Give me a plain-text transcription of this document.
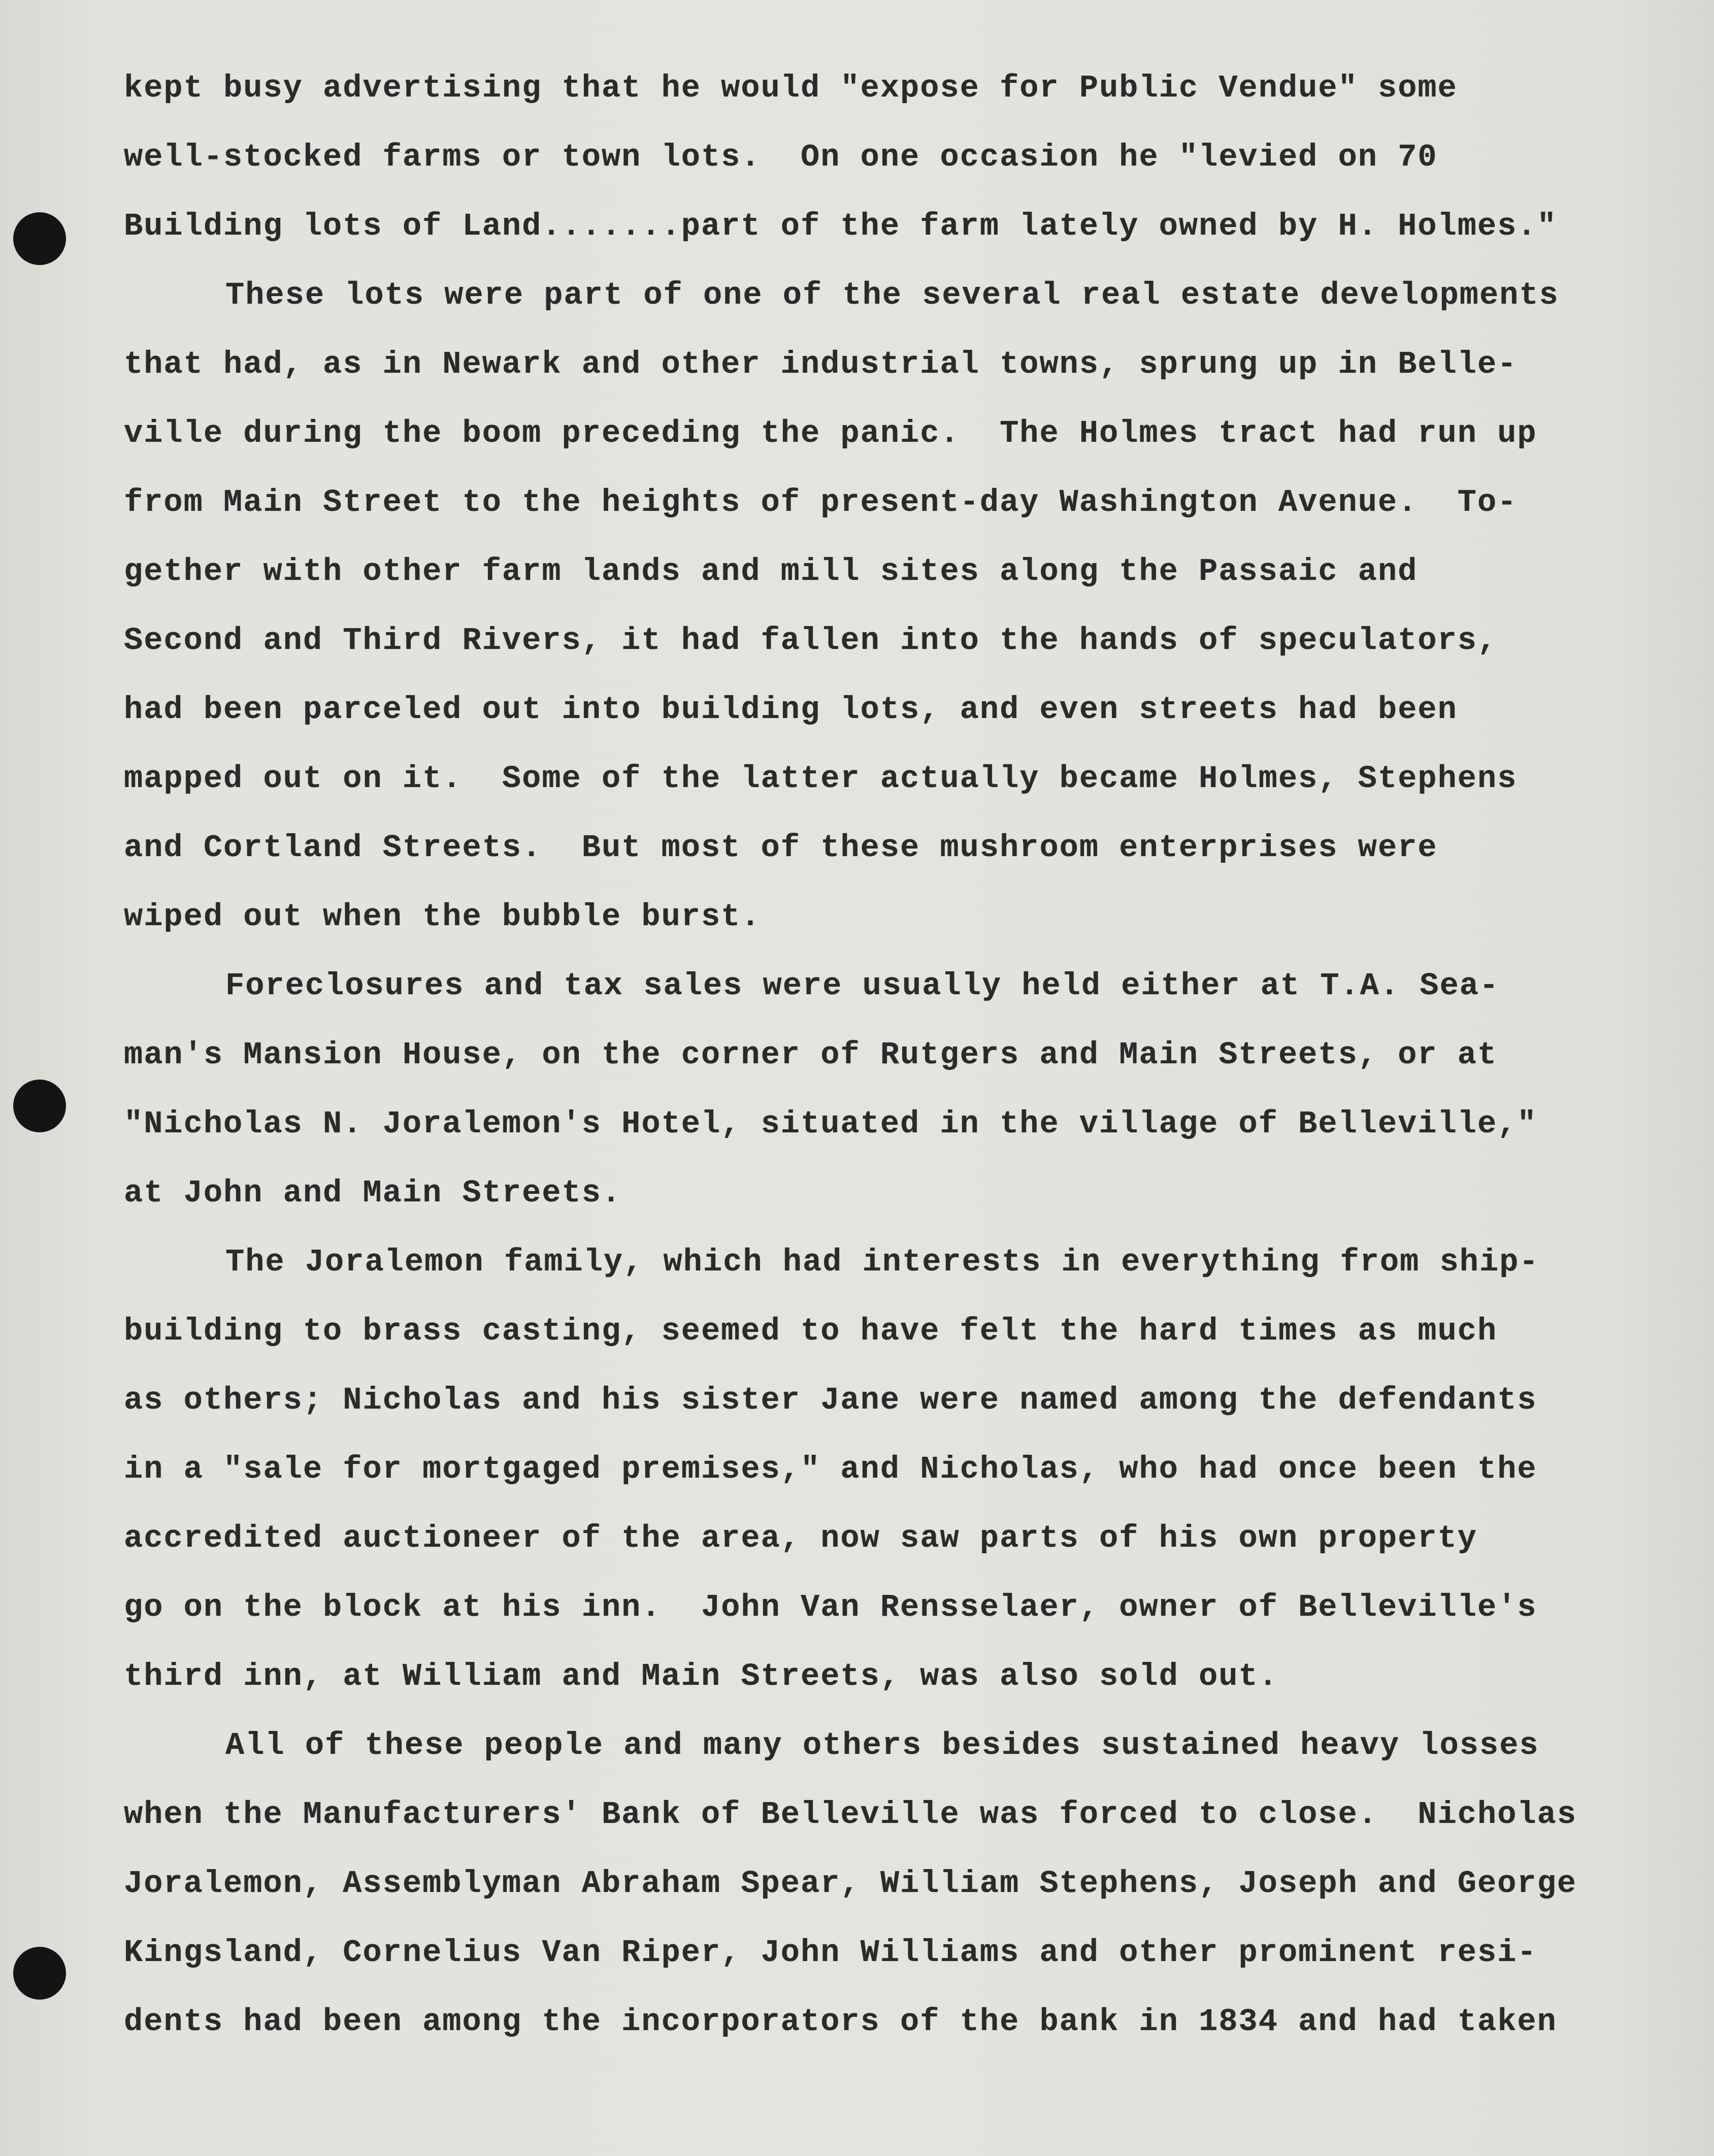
kept busy advertising that he would "expose for Public Vendue" some
well-stocked farms or town lots.  On one occasion he "levied on 70
Building lots of Land.......part of the farm lately owned by H. Holmes."
These lots were part of one of the several real estate developments
that had, as in Newark and other industrial towns, sprung up in Belle-
ville during the boom preceding the panic.  The Holmes tract had run up
from Main Street to the heights of present-day Washington Avenue.  To-
gether with other farm lands and mill sites along the Passaic and
Second and Third Rivers, it had fallen into the hands of speculators,
had been parceled out into building lots, and even streets had been
mapped out on it.  Some of the latter actually became Holmes, Stephens
and Cortland Streets.  But most of these mushroom enterprises were
wiped out when the bubble burst.
Foreclosures and tax sales were usually held either at T.A. Sea-
man's Mansion House, on the corner of Rutgers and Main Streets, or at
"Nicholas N. Joralemon's Hotel, situated in the village of Belleville,"
at John and Main Streets.
The Joralemon family, which had interests in everything from ship-
building to brass casting, seemed to have felt the hard times as much
as others; Nicholas and his sister Jane were named among the defendants
in a "sale for mortgaged premises," and Nicholas, who had once been the
accredited auctioneer of the area, now saw parts of his own property
go on the block at his inn.  John Van Rensselaer, owner of Belleville's
third inn, at William and Main Streets, was also sold out.
All of these people and many others besides sustained heavy losses
when the Manufacturers' Bank of Belleville was forced to close.  Nicholas
Joralemon, Assemblyman Abraham Spear, William Stephens, Joseph and George
Kingsland, Cornelius Van Riper, John Williams and other prominent resi-
dents had been among the incorporators of the bank in 1834 and had taken
